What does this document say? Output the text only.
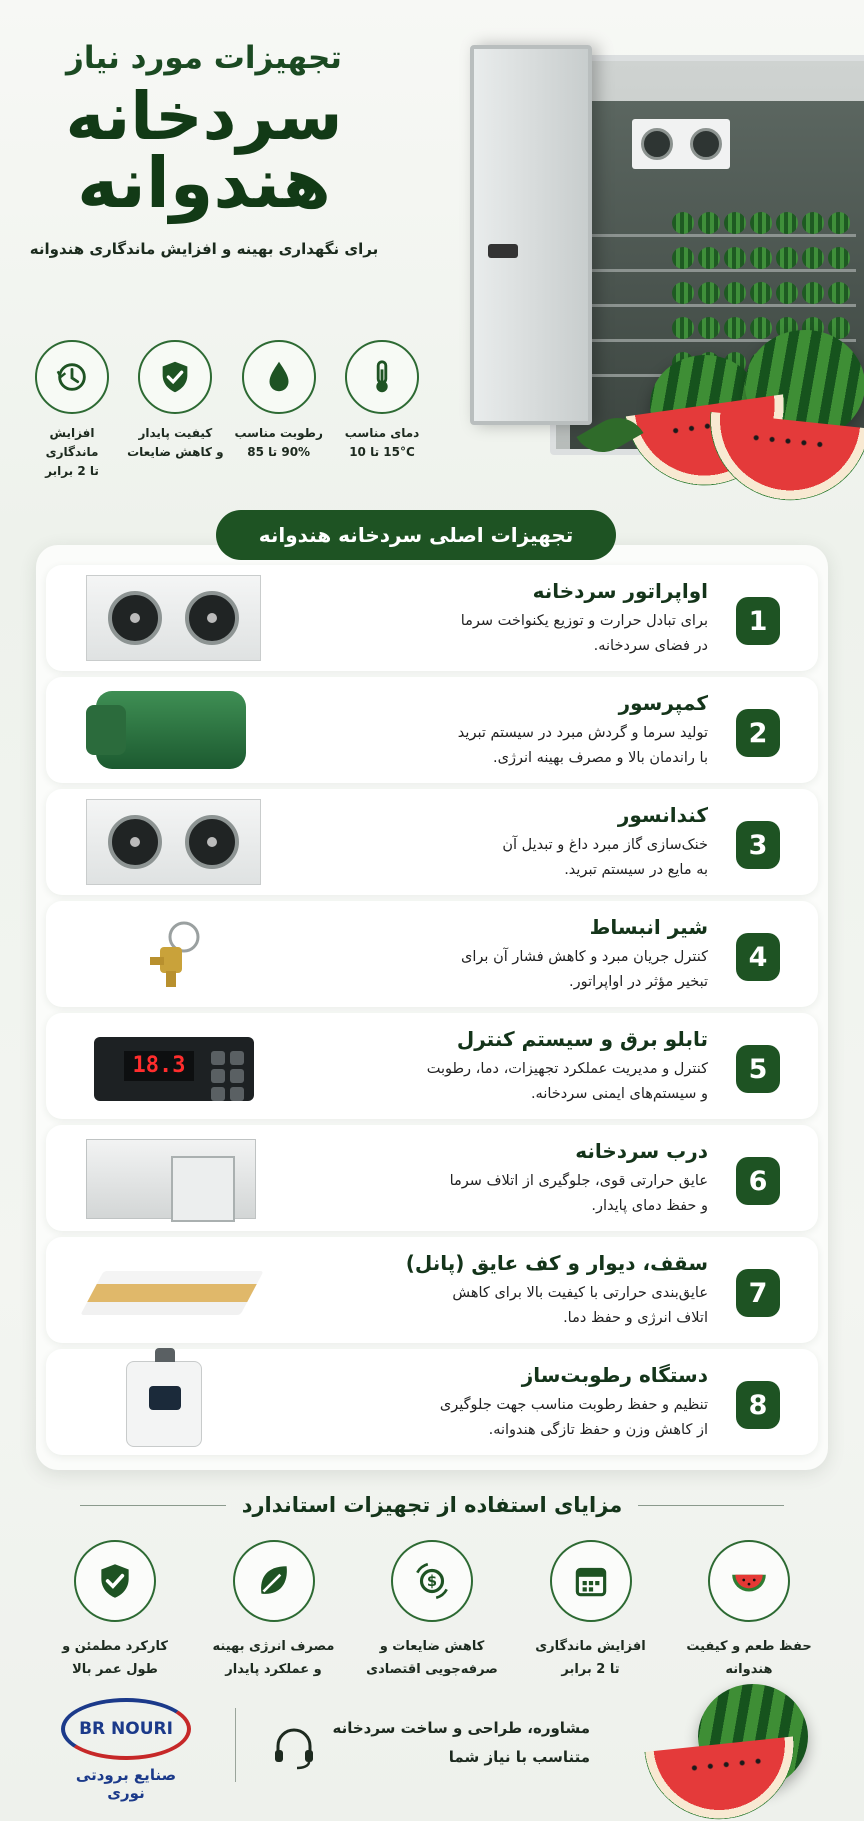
تجهیزات مورد نیاز
سردخانه
هندوانه
برای نگهداری بهینه و افزایش ماندگاری هندوانه
افزایش ماندگاری
تا 2 برابر
کیفیت پایدار
و کاهش ضایعات
رطوبت مناسب
90% تا 85
دمای مناسب
15°C تا 10
تجهیزات اصلی سردخانه هندوانه
1
اواپراتور سردخانه
برای تبادل حرارت و توزیع یکنواخت سرما
در فضای سردخانه.
2
کمپرسور
تولید سرما و گردش مبرد در سیستم تبرید
با راندمان بالا و مصرف بهینه انرژی.
3
کندانسور
خنک‌سازی گاز مبرد داغ و تبدیل آن
به مایع در سیستم تبرید.
4
شیر انبساط
کنترل جریان مبرد و کاهش فشار آن برای
تبخیر مؤثر در اواپراتور.
5
تابلو برق و سیستم کنترل
کنترل و مدیریت عملکرد تجهیزات، دما، رطوبت
و سیستم‌های ایمنی سردخانه.
18.3
6
درب سردخانه
عایق حرارتی قوی، جلوگیری از اتلاف سرما
و حفظ دمای پایدار.
7
سقف، دیوار و کف عایق (پانل)
عایق‌بندی حرارتی با کیفیت بالا برای کاهش
اتلاف انرژی و حفظ دما.
8
دستگاه رطوبت‌ساز
تنظیم و حفظ رطوبت مناسب جهت جلوگیری
از کاهش وزن و حفظ تازگی هندوانه.
مزایای استفاده از تجهیزات استاندارد
کارکرد مطمئن و
طول عمر بالا
مصرف انرژی بهینه
و عملکرد پایدار
$
کاهش ضایعات و
صرفه‌جویی اقتصادی
افزایش ماندگاری
تا 2 برابر
حفظ طعم و کیفیت
هندوانه
BR NOURI
صنایع برودتی نوری
مشاوره، طراحی و ساخت سردخانه
متناسب با نیاز شما
